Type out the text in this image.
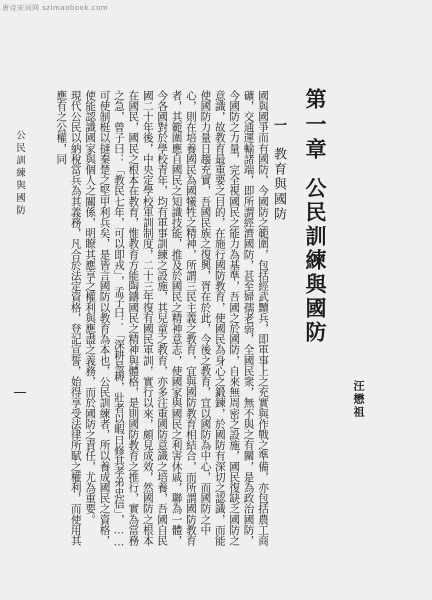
唐诗宋词网 szimaobook.com
第一章公民訓練與國防
汪懋祖
一教育與國防

國與國爭而有國防，今國防之範圍，包括經武黷兵，即軍事上之充實與作戰之準備，亦包括農工商礦，交通運輸諸端，即所謂經濟國防，甚至婦孺老弱，全國民衆，無不與之有關，是為政治國防，今國防之力量，完全視國民之能力為基準，吾國之於國防，自來無周密之設施，國民復缺乏國防之意識，故教育最重要之目的，在施行國防教育，使國民為身心之鍛鍊，於國防有深切之認識，而能使國防力量日趨充實，吾國民族之復興，胥在於此，今後之教育，宜以國防為中心，而國防之中心，則在培養國民為國犧牲之精神，所謂三民主義之教育，宜與國防教育相結合，而所謂國防教育者，其範圍應自國民之知識技能，推及於國民之精神意志，使國家與國民之利害休戚，聯為一體，今各國對於學校青年，均有軍事訓練之設施，其兒童之教育，亦多注重國防意識之培養，吾國自民國二十年後，中央定學校軍訓制度，二十三年復有國民軍訓，實行以來，頗見成效，然國防之根本在國民，國民之根本在教育，惟教育方能陶鑄國民之精神與體格，是則國防教育之推行，實為當務之急，曾子曰：「教民七年，可以即戎」，孟子曰：「深耕易耨，壯者以暇日修其孝弟忠信」，……可使制梃以撻秦楚之堅甲利兵矣，是皆言國防以教育為本也，公民訓練者，所以養成國民之資格，使能認識國家與個人之關係，明瞭其應享之權利與應盡之義務，而於國防之責任，尤為重要。

現代公民以納稅當兵為其義務，凡合於法定資格，登記宣誓，始得享受法律所賦之權利，而使用其應有之公權，同

公民訓練與國防
